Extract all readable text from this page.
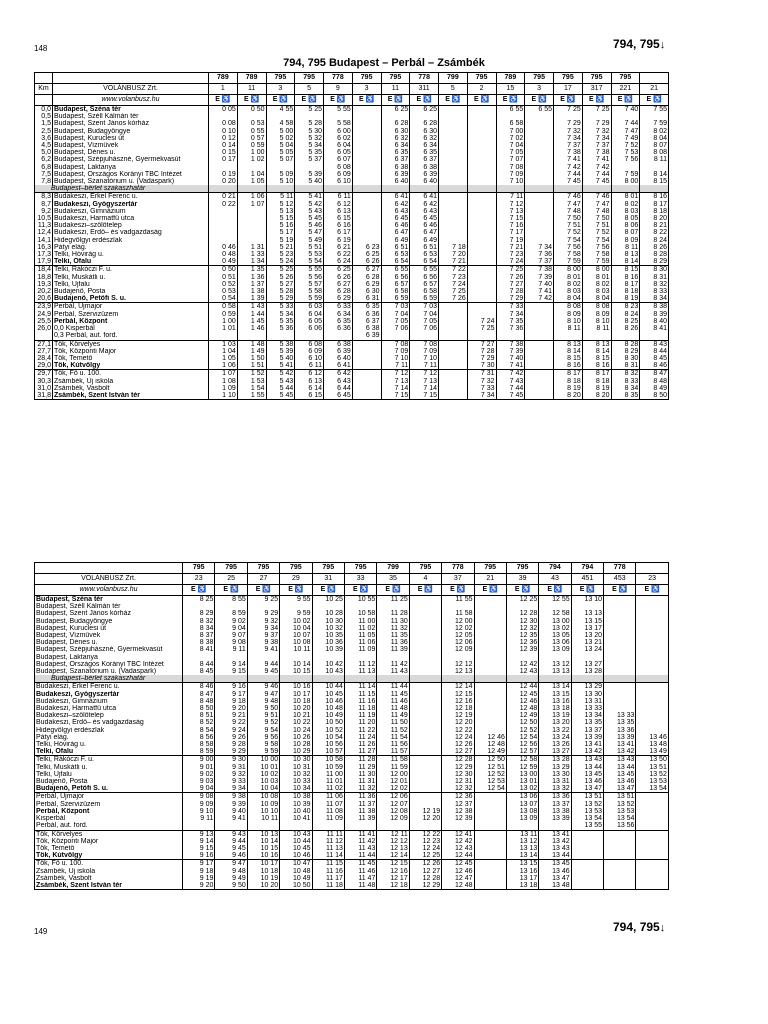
148	794, 795↓
794, 795 Budapest – Perbál – Zsámbék
		789	789	795	795	778	795	795	778	799	795	789	795	795	795	795	
Km	VOLÁNBUSZ Zrt.	1	11	3	5	9	3	11	311	5	2	15	3	17	317	221	21
	www.volanbusz.hu	E ♿	E ♿	E ♿	E ♿	E ♿	E ♿	E ♿	E ♿	E ♿	E ♿	E ♿	E ♿	E ♿	E ♿	E ♿	E ♿
0,0	Budapest, Széna tér	0 05	0 50	4 55	5 25	5 55		6 25	6 25			6 55	6 55	7 25	7 25	7 40	7 55
0,5	Budapest, Széll Kálmán tér																
1,5	Budapest, Szent János kórház	0 08	0 53	4 58	5 28	5 58		6 28	6 28			6 58		7 29	7 29	7 44	7 59
2,5	Budapest, Budagyöngye	0 10	0 55	5 00	5 30	6 00		6 30	6 30			7 00		7 32	7 32	7 47	8 02
3,6	Budapest, Kuruclesi út	0 12	0 57	5 02	5 32	6 02		6 32	6 32			7 02		7 34	7 34	7 49	8 04
4,5	Budapest, Vízművek	0 14	0 59	5 04	5 34	6 04		6 34	6 34			7 04		7 37	7 37	7 52	8 07
5,0	Budapest, Dénes u.	0 15	1 00	5 05	5 35	6 05		6 35	6 35			7 05		7 38	7 38	7 53	8 08
6,2	Budapest, Szépjuhászné, Gyermekvasút	0 17	1 02	5 07	5 37	6 07		6 37	6 37			7 07		7 41	7 41	7 56	8 11
6,8	Budapest, Laktanya					6 08		6 38	6 38			7 08		7 42	7 42		
7,5	Budapest, Országos Korányi TBC Intézet	0 19	1 04	5 09	5 39	6 09		6 39	6 39			7 09		7 44	7 44	7 59	8 14
7,8	Budapest, Szanatórium u. (Vadaspark)	0 20	1 05	5 10	5 40	6 10		6 40	6 40			7 10		7 45	7 45	8 00	8 15
Budapest–bérlet szakaszhatár																	
8,3	Budakeszi, Erkel Ferenc u.	0 21	1 06	5 11	5 41	6 11		6 41	6 41			7 11		7 46	7 46	8 01	8 16
8,7	Budakeszi, Gyógyszertár	0 22	1 07	5 12	5 42	6 12		6 42	6 42			7 12		7 47	7 47	8 02	8 17
9,2	Budakeszi, Gimnázium			5 13	5 43	6 13		6 43	6 43			7 13		7 48	7 48	8 03	8 18
10,5	Budakeszi, Harmatfű utca			5 15	5 45	6 15		6 45	6 45			7 15		7 50	7 50	8 05	8 20
11,3	Budakeszi–szőlőtelep			5 16	5 46	6 16		6 46	6 46			7 16		7 51	7 51	8 06	8 21
12,4	Budakeszi, Erdő– és vadgazdaság			5 17	5 47	6 17		6 47	6 47			7 17		7 52	7 52	8 07	8 22
14,1	Hidegvölgyi erdészlak			5 19	5 49	6 19		6 49	6 49			7 19		7 54	7 54	8 09	8 24
16,3	Pátyi elág.	0 46	1 31	5 21	5 51	6 21	6 23	6 51	6 51	7 18		7 21	7 34	7 56	7 56	8 11	8 26
17,3	Telki, Hóvirág u.	0 48	1 33	5 23	5 53	6 22	6 25	6 53	6 53	7 20		7 23	7 36	7 58	7 58	8 13	8 28
17,9	Telki, Ófalu	0 49	1 34	5 24	5 54	6 24	6 26	6 54	6 54	7 21		7 24	7 37	7 59	7 59	8 14	8 29
18,4	Telki, Rákóczi F. u.	0 50	1 35	5 25	5 55	6 25	6 27	6 55	6 55	7 22		7 25	7 38	8 00	8 00	8 15	8 30
18,8	Telki, Muskátli u.	0 51	1 36	5 26	5 56	6 26	6 28	6 56	6 56	7 23		7 26	7 39	8 01	8 01	8 16	8 31
19,3	Telki, Újfalu	0 52	1 37	5 27	5 57	6 27	6 29	6 57	6 57	7 24		7 27	7 40	8 02	8 02	8 17	8 32
20,2	Budajenő, Posta	0 53	1 38	5 28	5 58	6 28	6 30	6 58	6 58	7 25		7 28	7 41	8 03	8 03	8 18	8 33
20,6	Budajenő, Petőfi S. u.	0 54	1 39	5 29	5 59	6 29	6 31	6 59	6 59	7 26		7 29	7 42	8 04	8 04	8 19	8 34
23,9	Perbál, Újmajor	0 58	1 43	5 33	6 03	6 33	6 35	7 03	7 03			7 33		8 08	8 08	8 23	8 38
24,9	Perbál, Szervizüzem	0 59	1 44	5 34	6 04	6 34	6 36	7 04	7 04			7 34		8 09	8 09	8 24	8 39
25,5	Perbál, Központ	1 00	1 45	5 35	6 05	6 35	6 37	7 05	7 05		7 24	7 35		8 10	8 10	8 25	8 40
26,0	0,0 Kisperbál	1 01	1 46	5 36	6 06	6 36	6 38	7 06	7 06		7 25	7 36		8 11	8 11	8 26	8 41
	0,3 Perbál, aut. ford.						6 39										
27,1	Tök, Körvelyes	1 03	1 48	5 38	6 08	6 38		7 08	7 08		7 27	7 38		8 13	8 13	8 28	8 43
27,7	Tök, Központi Major	1 04	1 49	5 39	6 09	6 39		7 09	7 09		7 28	7 39		8 14	8 14	8 29	8 44
28,4	Tök, Temető	1 05	1 50	5 40	6 10	6 40		7 10	7 10		7 29	7 40		8 15	8 15	8 30	8 45
29,0	Tök, Kútvölgy	1 06	1 51	5 41	6 11	6 41		7 11	7 11		7 30	7 41		8 16	8 16	8 31	8 46
29,7	Tök, Fő u. 100.	1 07	1 52	5 42	6 12	6 42		7 12	7 12		7 31	7 42		8 17	8 17	8 32	8 47
30,3	Zsámbék, Új iskola	1 08	1 53	5 43	6 13	6 43		7 13	7 13		7 32	7 43		8 18	8 18	8 33	8 48
31,0	Zsámbék, Vasbolt	1 09	1 54	5 44	6 14	6 44		7 14	7 14		7 33	7 44		8 19	8 19	8 34	8 49
31,8	Zsámbék, Szent István tér	1 10	1 55	5 45	6 15	6 45		7 15	7 15		7 34	7 45		8 20	8 20	8 35	8 50
	795	795	795	795	795	795	799	795	778	795	795	794	794	778	
VOLÁNBUSZ Zrt.	23	25	27	29	31	33	35	4	37	21	39	43	451	453	23
www.volanbusz.hu	E ♿	E ♿	E ♿	E ♿	E ♿	E ♿	E ♿	E ♿	E ♿	E ♿	E ♿	E ♿	E ♿	E ♿	E ♿
Budapest, Széna tér	8 25	8 55	9 25	9 55	10 25	10 55	11 25		11 55		12 25	12 55	13 10		
Budapest, Széll Kálmán tér															
Budapest, Szent János kórház	8 29	8 59	9 29	9 59	10 28	10 58	11 28		11 58		12 28	12 58	13 13		
Budapest, Budagyöngye	8 32	9 02	9 32	10 02	10 30	11 00	11 30		12 00		12 30	13 00	13 15		
Budapest, Kuruclesi út	8 34	9 04	9 34	10 04	10 32	11 02	11 32		12 02		12 32	13 02	13 17		
Budapest, Vízművek	8 37	9 07	9 37	10 07	10 35	11 05	11 35		12 05		12 35	13 05	13 20		
Budapest, Dénes u.	8 38	9 08	9 38	10 08	10 36	11 06	11 36		12 06		12 36	13 06	13 21		
Budapest, Szépjuhászné, Gyermekvasút	8 41	9 11	9 41	10 11	10 39	11 09	11 39		12 09		12 39	13 09	13 24		
Budapest, Laktanya															
Budapest, Országos Korányi TBC Intézet	8 44	9 14	9 44	10 14	10 42	11 12	11 42		12 12		12 42	13 12	13 27		
Budapest, Szanatórium u. (Vadaspark)	8 45	9 15	9 45	10 15	10 43	11 13	11 43		12 13		12 43	13 13	13 28		
Budapest–bérlet szakaszhatár															
Budakeszi, Erkel Ferenc u.	8 46	9 16	9 46	10 16	10 44	11 14	11 44		12 14		12 44	13 14	13 29		
Budakeszi, Gyógyszertár	8 47	9 17	9 47	10 17	10 45	11 15	11 45		12 15		12 45	13 15	13 30		
Budakeszi, Gimnázium	8 48	9 18	9 48	10 18	10 46	11 16	11 46		12 16		12 46	13 16	13 31		
Budakeszi, Harmatfű utca	8 50	9 20	9 50	10 20	10 48	11 18	11 48		12 18		12 48	13 18	13 33		
Budakeszi–szőlőtelep	8 51	9 21	9 51	10 21	10 49	11 19	11 49		12 19		12 49	13 19	13 34	13 33	
Budakeszi, Erdő– és vadgazdaság	8 52	9 22	9 52	10 22	10 50	11 20	11 50		12 20		12 50	13 20	13 35	13 35	
Hidegvölgyi erdészlak	8 54	9 24	9 54	10 24	10 52	11 22	11 52		12 22		12 52	13 22	13 37	13 36	
Pátyi elág.	8 56	9 26	9 56	10 26	10 54	11 24	11 54		12 24	12 46	12 54	13 24	13 39	13 39	13 46
Telki, Hóvirág u.	8 58	9 28	9 58	10 28	10 56	11 26	11 56		12 26	12 48	12 56	13 26	13 41	13 41	13 48
Telki, Ófalu	8 59	9 29	9 59	10 29	10 57	11 27	11 57		12 27	12 49	12 57	13 27	13 42	13 42	13 49
Telki, Rákóczi F. u.	9 00	9 30	10 00	10 30	10 58	11 28	11 58		12 28	12 50	12 58	13 28	13 43	13 43	13 50
Telki, Muskátli u.	9 01	9 31	10 01	10 31	10 59	11 29	11 59		12 29	12 51	12 59	13 29	13 44	13 44	13 51
Telki, Újfalu	9 02	9 32	10 02	10 32	11 00	11 30	12 00		12 30	12 52	13 00	13 30	13 45	13 45	13 52
Budajenő, Posta	9 03	9 33	10 03	10 33	11 01	11 31	12 01		12 31	12 53	13 01	13 31	13 46	13 46	13 53
Budajenő, Petőfi S. u.	9 04	9 34	10 04	10 34	11 02	11 32	12 02		12 32	12 54	13 02	13 32	13 47	13 47	13 54
Perbál, Újmajor	9 08	9 38	10 08	10 38	11 06	11 36	12 06		12 36		13 06	13 36	13 51	13 51	
Perbál, Szervizüzem	9 09	9 39	10 09	10 39	11 07	11 37	12 07		12 37		13 07	13 37	13 52	13 52	
Perbál, Központ	9 10	9 40	10 10	10 40	11 08	11 38	12 08	12 19	12 38		13 08	13 38	13 53	13 53	
Kisperbál	9 11	9 41	10 11	10 41	11 09	11 39	12 09	12 20	12 39		13 09	13 39	13 54	13 54	
Perbál, aut. ford.													13 55	13 56	
Tök, Körvelyes	9 13	9 43	10 13	10 43	11 11	11 41	12 11	12 22	12 41		13 11	13 41			
Tök, Központi Major	9 14	9 44	10 14	10 44	11 12	11 42	12 12	12 23	12 42		13 12	13 42			
Tök, Temető	9 15	9 45	10 15	10 45	11 13	11 43	12 13	12 24	12 43		13 13	13 43			
Tök, Kútvölgy	9 16	9 46	10 16	10 46	11 14	11 44	12 14	12 25	12 44		13 14	13 44			
Tök, Fő u. 100.	9 17	9 47	10 17	10 47	11 15	11 45	12 15	12 26	12 45		13 15	13 45			
Zsámbék, Új iskola	9 18	9 48	10 18	10 48	11 16	11 46	12 16	12 27	12 46		13 16	13 46			
Zsámbék, Vasbolt	9 19	9 49	10 19	10 49	11 17	11 47	12 17	12 28	12 47		13 17	13 47			
Zsámbék, Szent István tér	9 20	9 50	10 20	10 50	11 18	11 48	12 18	12 29	12 48		13 18	13 48			
149	794, 795↓
